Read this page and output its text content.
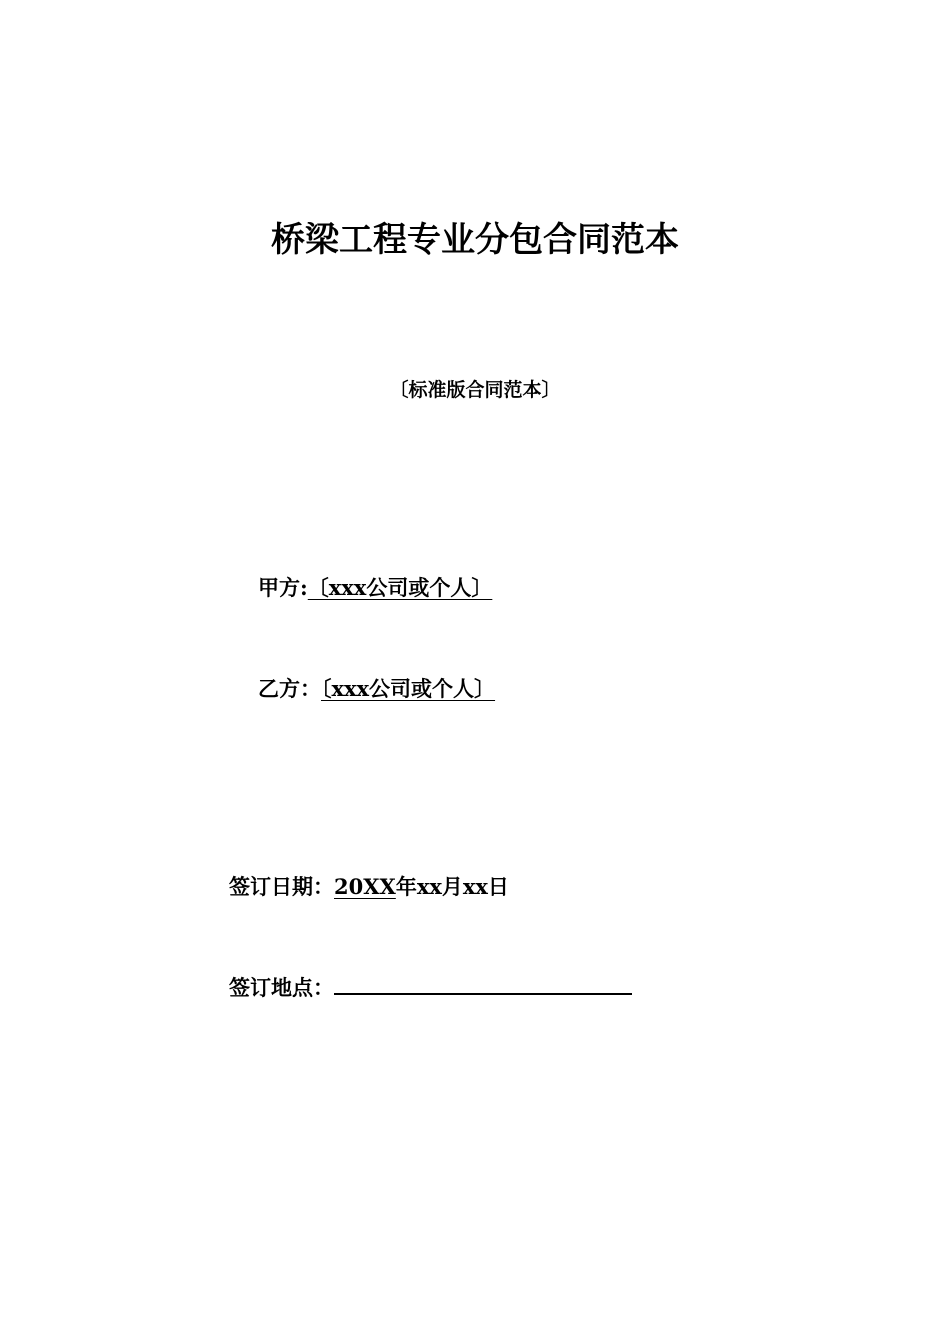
桥梁工程专业分包合同范本
〔标准版合同范本〕
甲方:〔xxx公司或个人〕
乙方：〔xxx公司或个人〕
签订日期：20XX年xx月xx日
签订地点：
